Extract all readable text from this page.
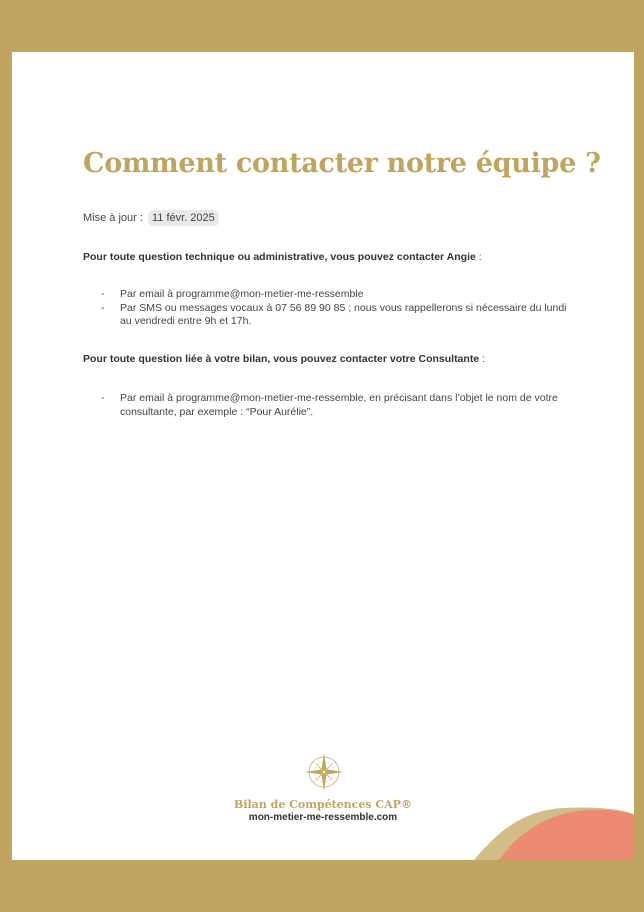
Comment contacter notre équipe ?
Mise à jour : 11 févr. 2025

Pour toute question technique ou administrative, vous pouvez contacter Angie :

- Par email à programme@mon-metier-me-ressemble
- Par SMS ou messages vocaux à 07 56 89 90 85 ; nous vous rappellerons si nécessaire du lundi au vendredi entre 9h et 17h.

Pour toute question liée à votre bilan, vous pouvez contacter votre Consultante :

- Par email à programme@mon-metier-me-ressemble, en précisant dans l’objet le nom de votre consultante, par exemple : “Pour Aurélie”.
Bilan de Compétences CAP®
mon-metier-me-ressemble.com
